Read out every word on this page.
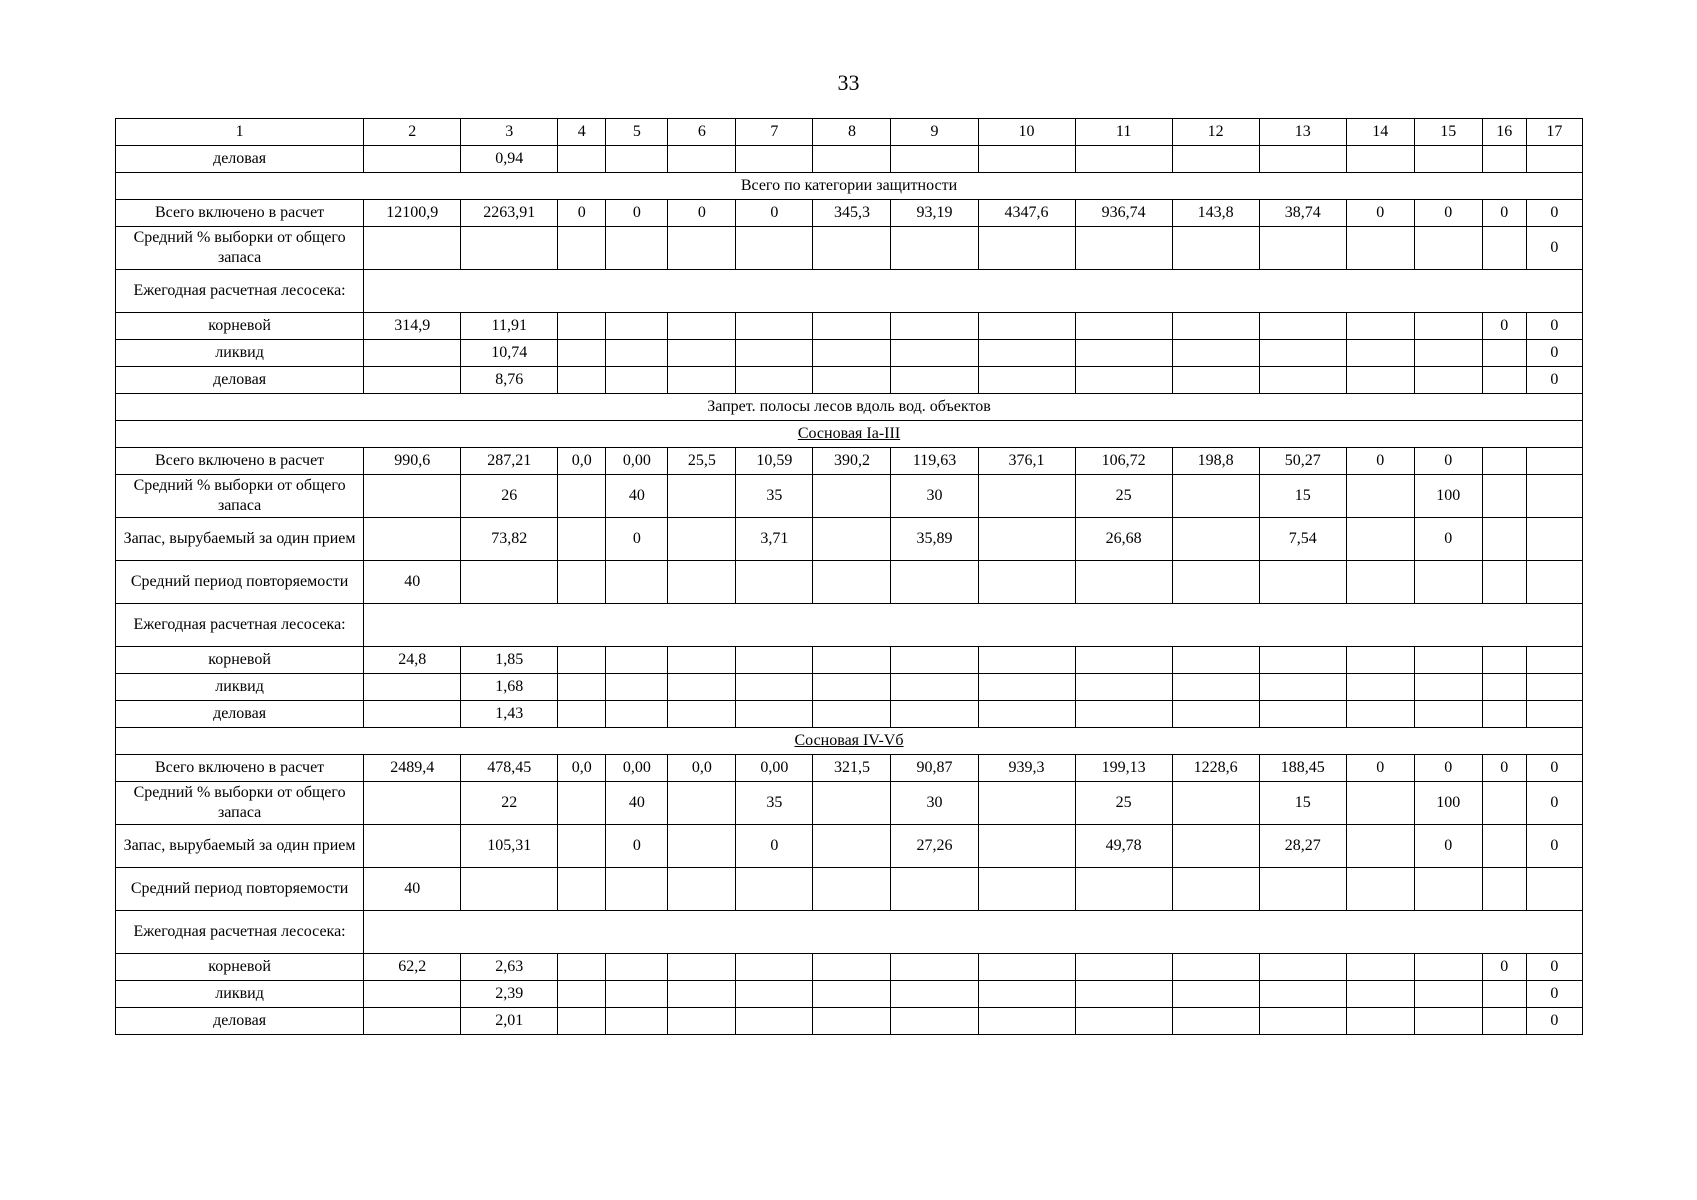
33
1	2	3	4	5	6	7	8	9	10	11	12	13	14	15	16	17
деловая		0,94														
Всего по категории защитности																
Всего включено в расчет	12100,9	2263,91	0	0	0	0	345,3	93,19	4347,6	936,74	143,8	38,74	0	0	0	0
Средний % выборки от общего запаса																0
Ежегодная расчетная лесосека:																
корневой	314,9	11,91													0	0
ликвид		10,74														0
деловая		8,76														0
Запрет. полосы лесов вдоль вод. объектов																
Сосновая Ia-III																
Всего включено в расчет	990,6	287,21	0,0	0,00	25,5	10,59	390,2	119,63	376,1	106,72	198,8	50,27	0	0		
Средний % выборки от общего запаса		26		40		35		30		25		15		100		
Запас, вырубаемый за один прием		73,82		0		3,71		35,89		26,68		7,54		0		
Средний период повторяемости	40															
Ежегодная расчетная лесосека:																
корневой	24,8	1,85														
ликвид		1,68														
деловая		1,43														
Сосновая IV-Vб																
Всего включено в расчет	2489,4	478,45	0,0	0,00	0,0	0,00	321,5	90,87	939,3	199,13	1228,6	188,45	0	0	0	0
Средний % выборки от общего запаса		22		40		35		30		25		15		100		0
Запас, вырубаемый за один прием		105,31		0		0		27,26		49,78		28,27		0		0
Средний период повторяемости	40															
Ежегодная расчетная лесосека:																
корневой	62,2	2,63													0	0
ликвид		2,39														0
деловая		2,01														0
